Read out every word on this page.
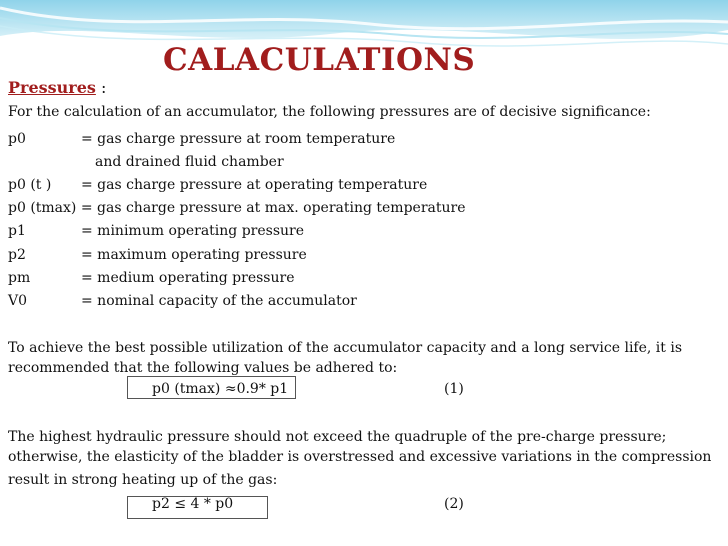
CALACULATIONS
Pressures :
For the calculation of an accumulator, the following pressures are of decisive significance:
p0	= gas charge pressure at room temperature
and drained fluid chamber
p0 (t ) = gas charge pressure at operating temperature
p0 (tmax) = gas charge pressure at max. operating temperature
p1	= minimum operating pressure
p2	= maximum operating pressure
pm	= medium operating pressure
V0	= nominal capacity of the accumulator
To achieve the best possible utilization of the accumulator capacity and a long service life, it is
recommended that the following values be adhered to:
p0 (tmax) ≈0.9* p1	(1)
The highest hydraulic pressure should not exceed the quadruple of the pre-charge pressure;
otherwise, the elasticity of the bladder is overstressed and excessive variations in the compression
result in strong heating up of the gas:
p2 ≤ 4 * p0	(2)
